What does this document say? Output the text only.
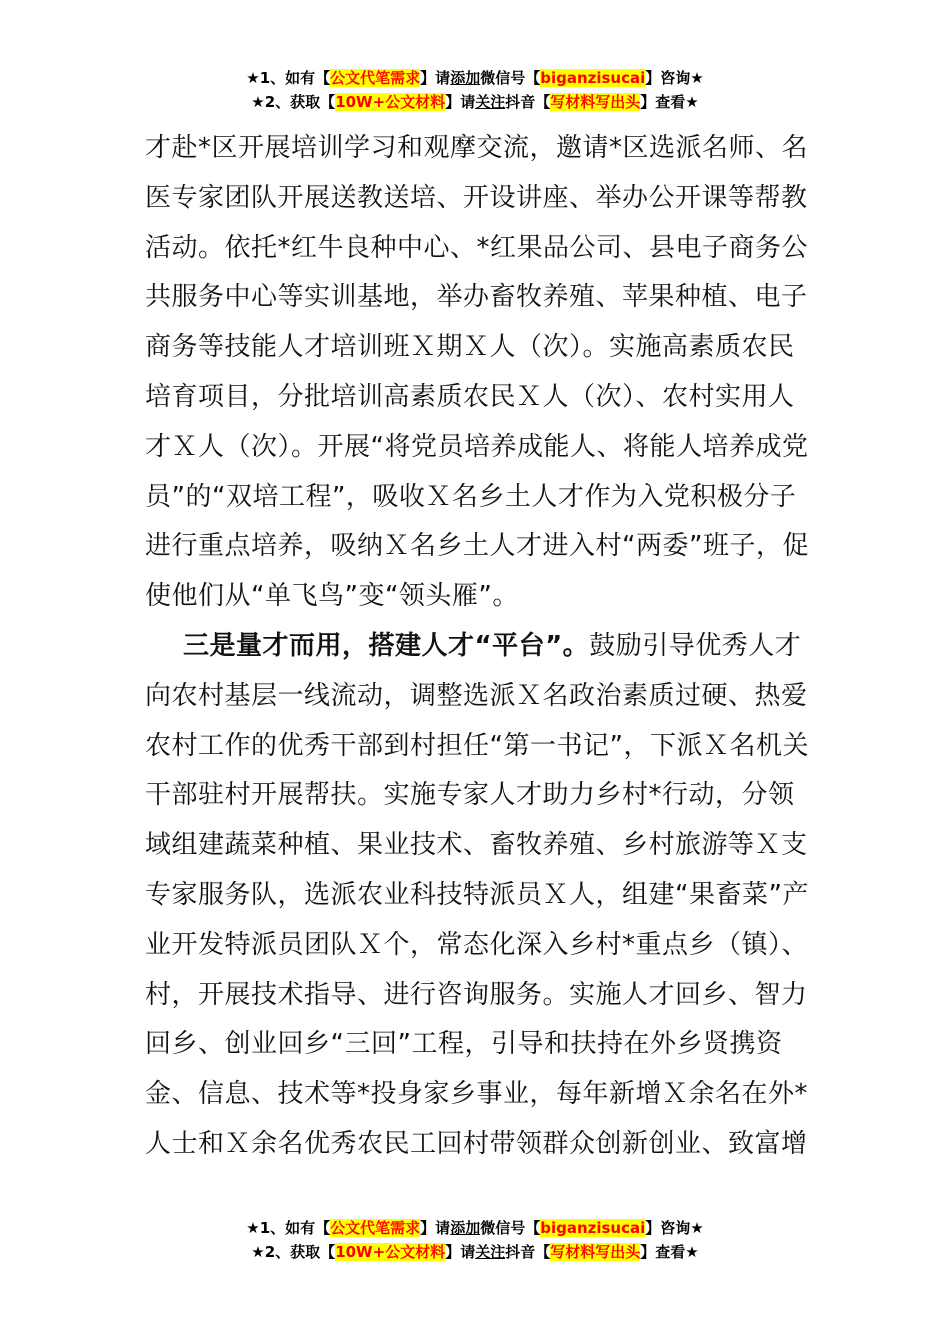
★1、如有【公文代笔需求】请添加微信号【biganzisucai】咨询★
★2、获取【10W+公文材料】请关注抖音【写材料写出头】查看★

才赴*区开展培训学习和观摩交流，邀请*区选派名师、名医专家团队开展送教送培、开设讲座、举办公开课等帮教活动。依托*红牛良种中心、*红果品公司、县电子商务公共服务中心等实训基地，举办畜牧养殖、苹果种植、电子商务等技能人才培训班Ｘ期Ｘ人（次）。实施高素质农民培育项目，分批培训高素质农民Ｘ人（次）、农村实用人才Ｘ人（次）。开展“将党员培养成能人、将能人培养成党员”的“双培工程”，吸收Ｘ名乡土人才作为入党积极分子进行重点培养，吸纳Ｘ名乡土人才进入村“两委”班子，促使他们从“单飞鸟”变“领头雁”。

三是量才而用，搭建人才“平台”。鼓励引导优秀人才向农村基层一线流动，调整选派Ｘ名政治素质过硬、热爱农村工作的优秀干部到村担任“第一书记”，下派Ｘ名机关干部驻村开展帮扶。实施专家人才助力乡村*行动，分领域组建蔬菜种植、果业技术、畜牧养殖、乡村旅游等Ｘ支专家服务队，选派农业科技特派员Ｘ人，组建“果畜菜”产业开发特派员团队Ｘ个，常态化深入乡村*重点乡（镇）、村，开展技术指导、进行咨询服务。实施人才回乡、智力回乡、创业回乡“三回”工程，引导和扶持在外乡贤携资金、信息、技术等*投身家乡事业，每年新增Ｘ余名在外*人士和Ｘ余名优秀农民工回村带领群众创新创业、致富增

★1、如有【公文代笔需求】请添加微信号【biganzisucai】咨询★
★2、获取【10W+公文材料】请关注抖音【写材料写出头】查看★
